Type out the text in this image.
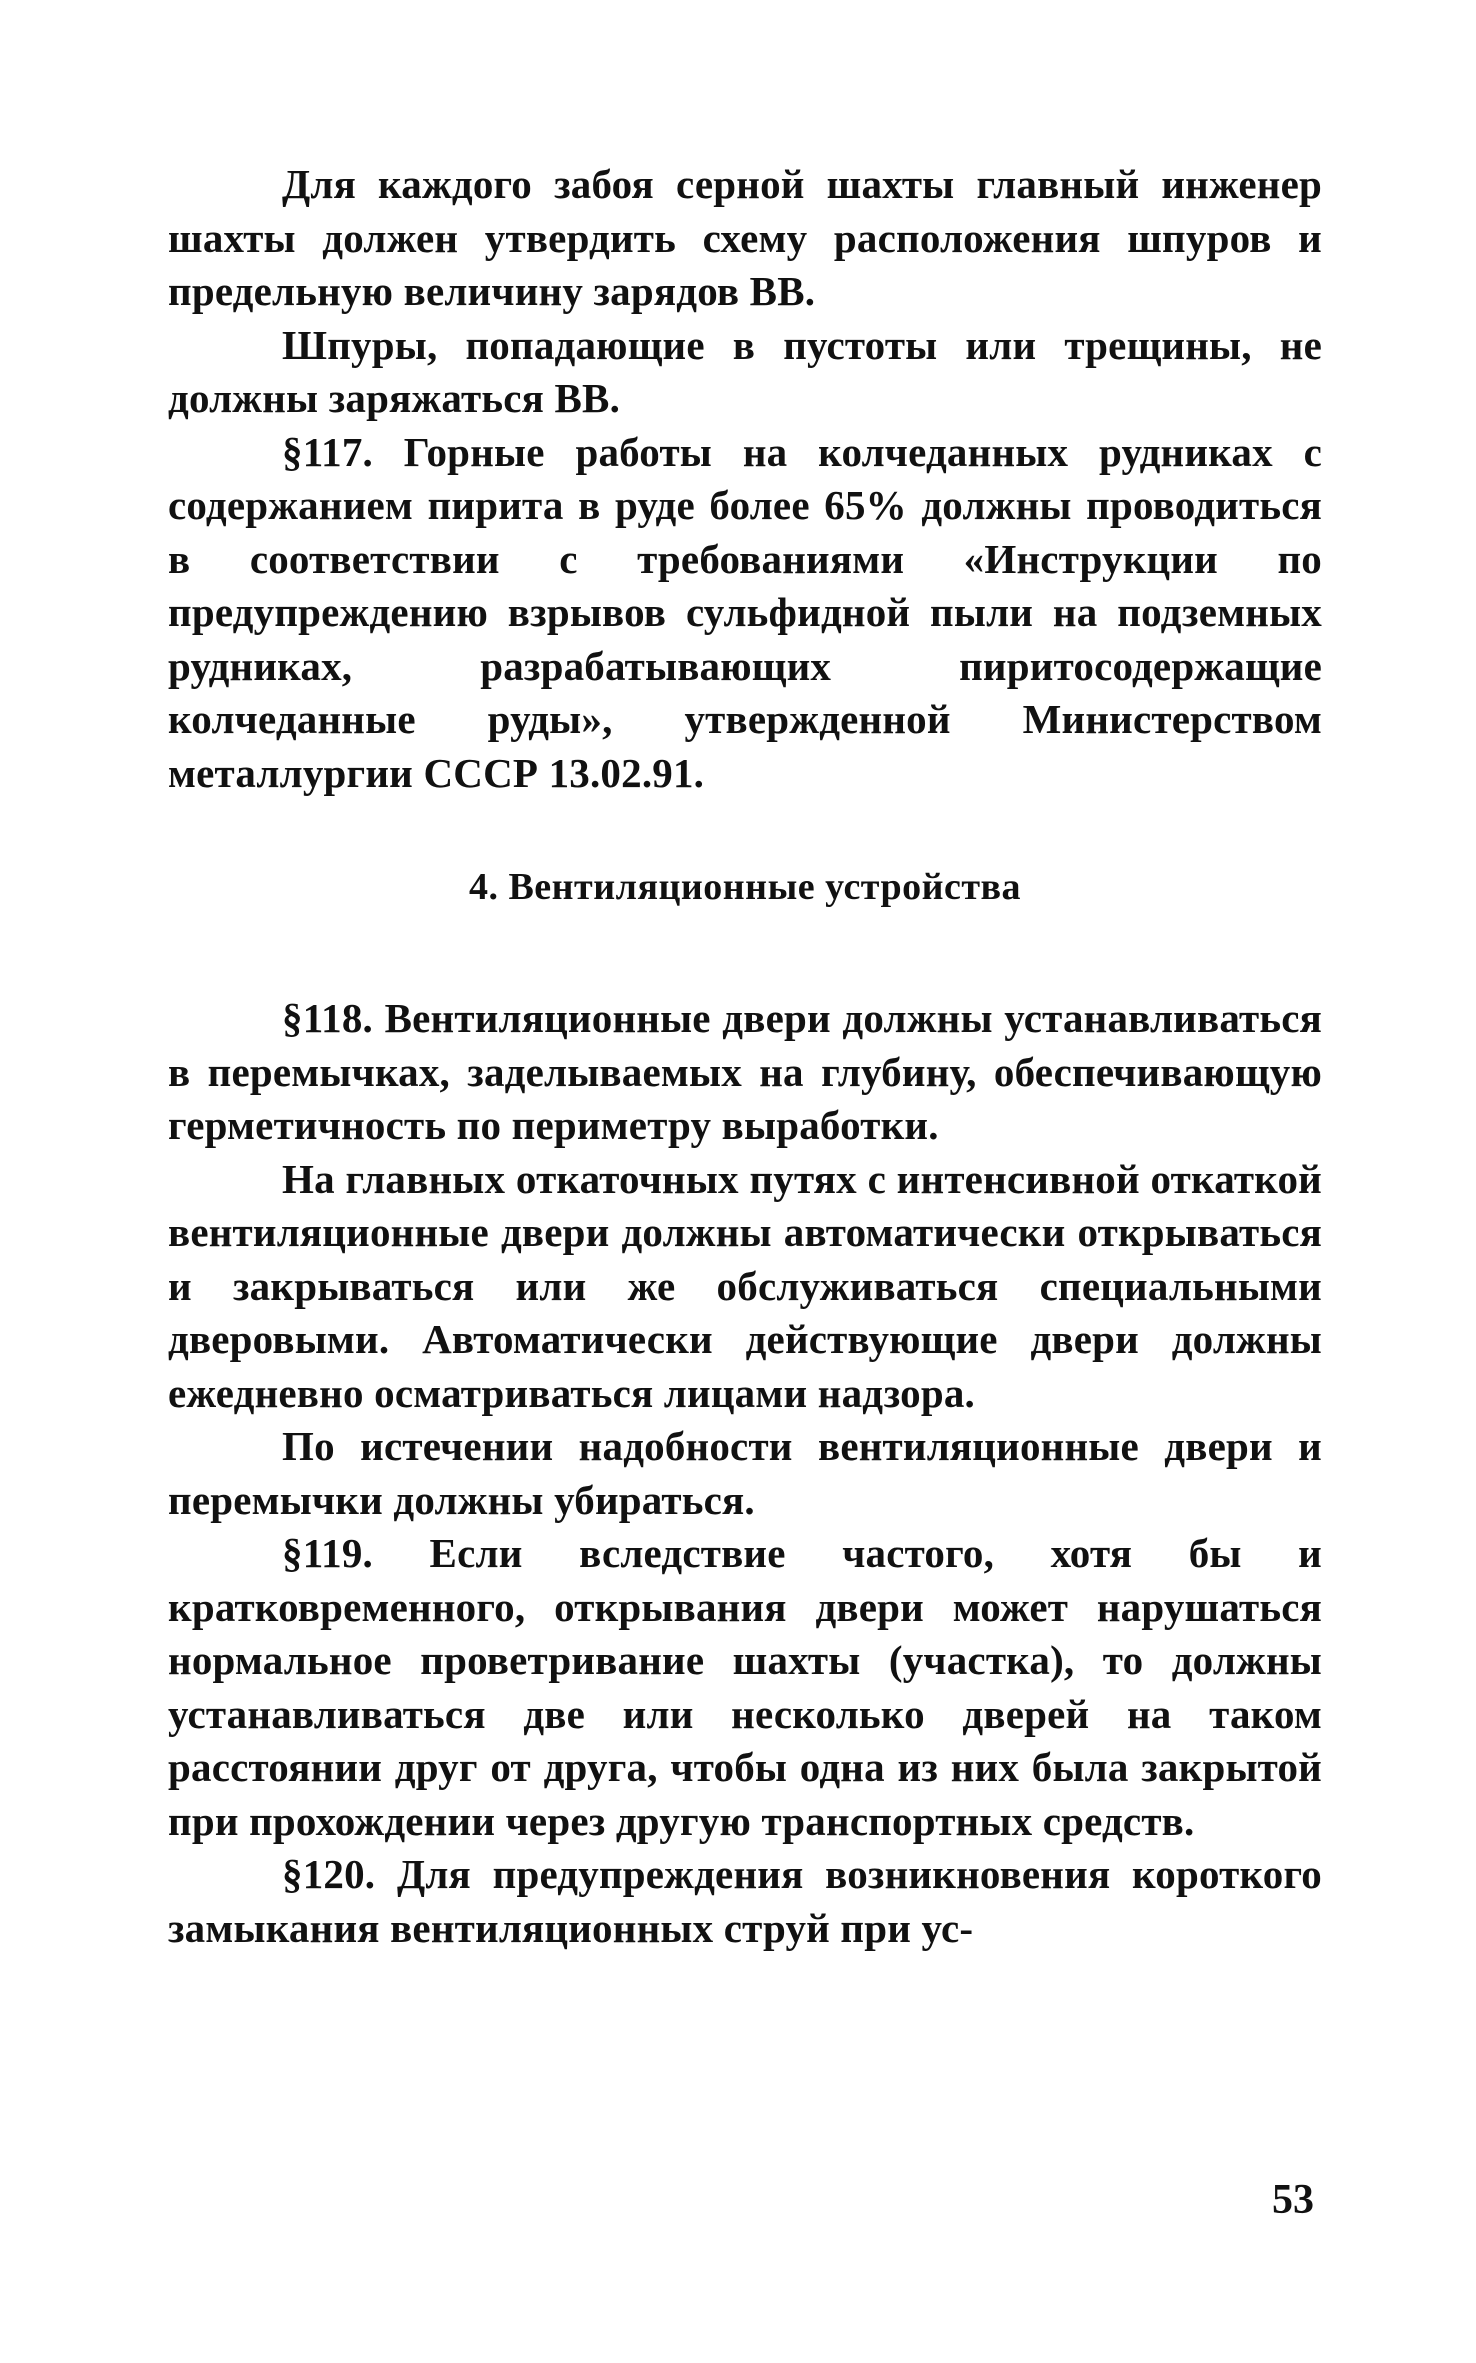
Для каждого забоя серной шахты главный инженер шахты должен утвердить схему расположения шпуров и предельную величину зарядов ВВ.

Шпуры, попадающие в пустоты или трещины, не должны заряжаться ВВ.

§117. Горные работы на колчеданных рудниках с содержанием пирита в руде более 65% должны проводиться в соответствии с требованиями «Инструкции по предупреждению взрывов сульфидной пыли на подземных рудниках, разрабатывающих пиритосодержащие колчеданные руды», утвержденной Министерством металлургии СССР 13.02.91.

4. Вентиляционные устройства

§118. Вентиляционные двери должны устанавливаться в перемычках, заделываемых на глубину, обеспечивающую герметичность по периметру выработки.

На главных откаточных путях с интенсивной откаткой вентиляционные двери должны автоматически открываться и закрываться или же обслуживаться специальными дверовыми. Автоматически действующие двери должны ежедневно осматриваться лицами надзора.

По истечении надобности вентиляционные двери и перемычки должны убираться.

§119. Если вследствие частого, хотя бы и кратковременного, открывания двери может нарушаться нормальное проветривание шахты (участка), то должны устанавливаться две или несколько дверей на таком расстоянии друг от друга, чтобы одна из них была закрытой при прохождении через другую транспортных средств.

§120. Для предупреждения возникновения короткого замыкания вентиляционных струй при ус-

53
